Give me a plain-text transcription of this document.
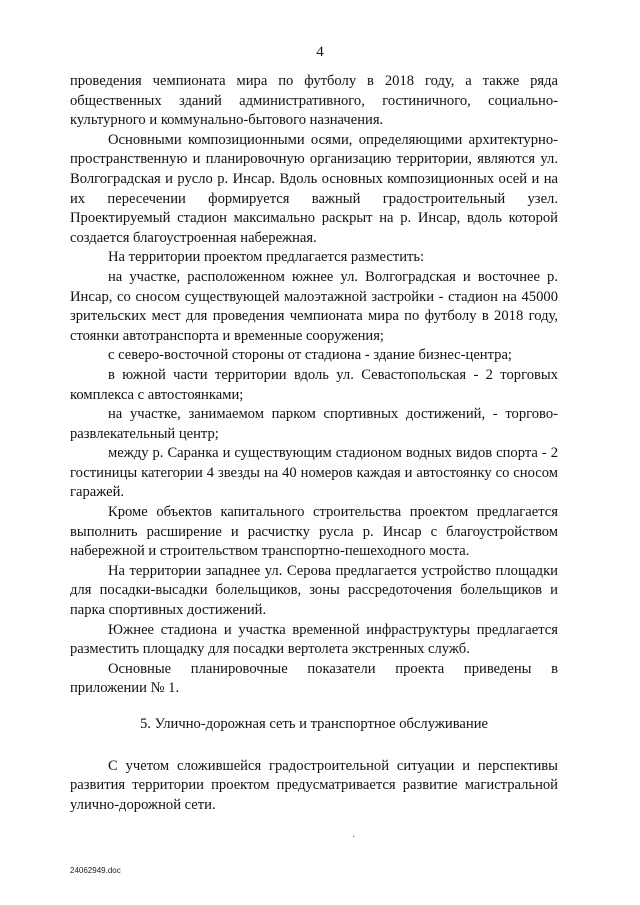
4

проведения чемпионата мира по футболу в 2018 году, а также ряда общественных зданий административного, гостиничного, социально-культурного и коммунально-бытового назначения.

Основными композиционными осями, определяющими архитектурно-пространственную и планировочную организацию территории, являются ул. Волгоградская и русло р. Инсар. Вдоль основных композиционных осей и на их пересечении формируется важный градостроительный узел. Проектируемый стадион максимально раскрыт на р. Инсар, вдоль которой создается благоустроенная набережная.

На территории проектом предлагается разместить:

на участке, расположенном южнее ул. Волгоградская и восточнее р. Инсар, со сносом существующей малоэтажной застройки - стадион на 45000 зрительских мест для проведения чемпионата мира по футболу в 2018 году, стоянки автотранспорта и временные сооружения;

с северо-восточной стороны от стадиона - здание бизнес-центра;

в южной части территории вдоль ул. Севастопольская - 2 торговых комплекса с автостоянками;

на участке, занимаемом парком спортивных достижений, - торгово-развлекательный центр;

между р. Саранка и существующим стадионом водных видов спорта - 2 гостиницы категории 4 звезды на 40 номеров каждая и автостоянку со сносом гаражей.

Кроме объектов капитального строительства проектом предлагается выполнить расширение и расчистку русла р. Инсар с благоустройством набережной и строительством транспортно-пешеходного моста.

На территории западнее ул. Серова предлагается устройство площадки для посадки-высадки болельщиков, зоны рассредоточения болельщиков и парка спортивных достижений.

Южнее стадиона и участка временной инфраструктуры предлагается разместить площадку для посадки вертолета экстренных служб.

Основные планировочные показатели проекта приведены в приложении № 1.

5. Улично-дорожная сеть и транспортное обслуживание

С учетом сложившейся градостроительной ситуации и перспективы развития территории проектом предусматривается развитие магистральной улично-дорожной сети.

·
24062949.doc
